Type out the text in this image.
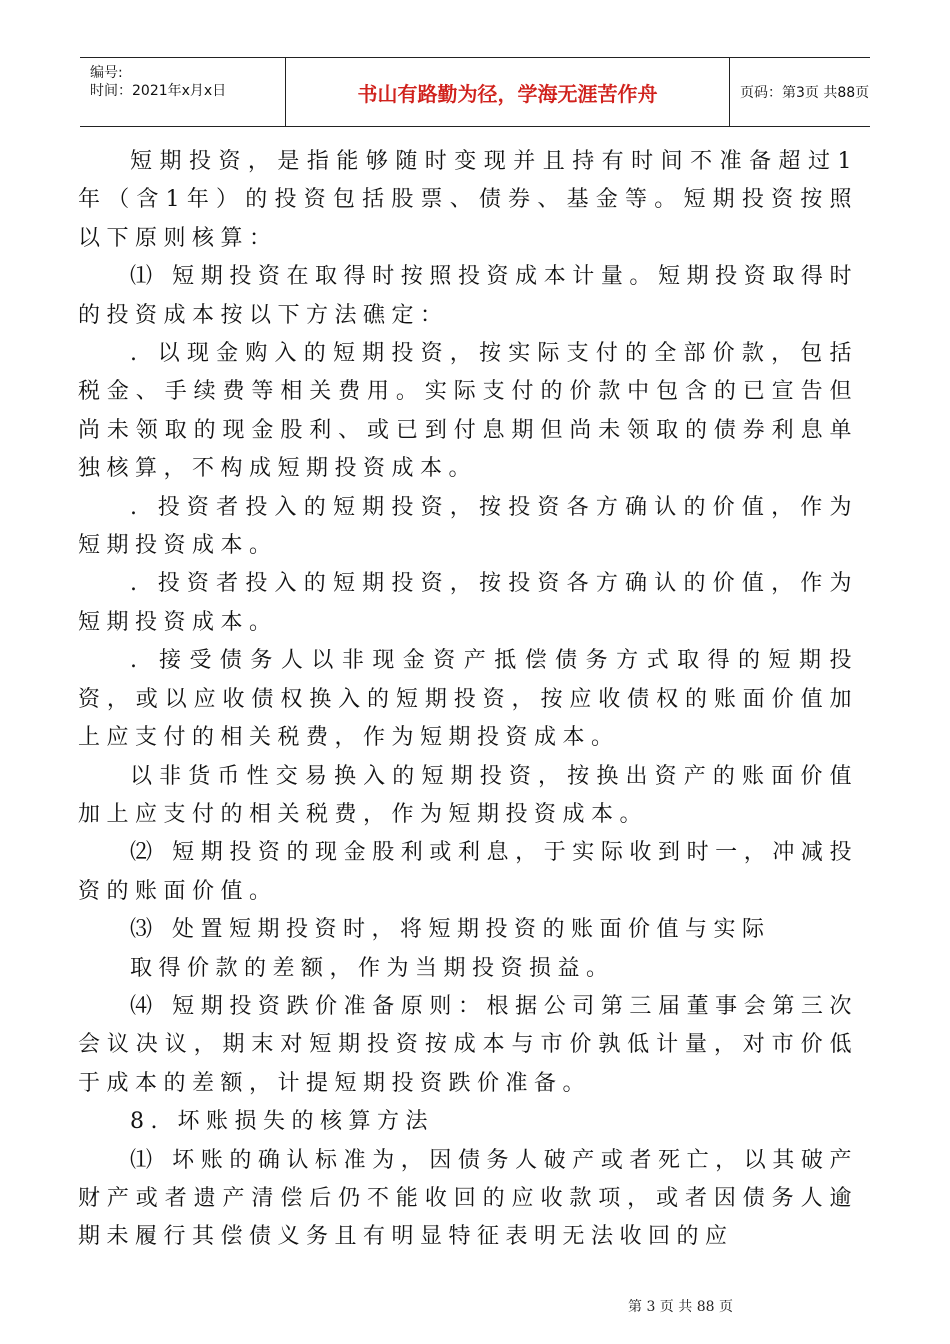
编号:
时间：2021年x月x日	书山有路勤为径，学海无涯苦作舟	页码：第3页 共88页

短期投资，是指能够随时变现并且持有时间不准备超过1年（含1年）的投资包括股票、债券、基金等。短期投资按照以下原则核算：

⑴ 短期投资在取得时按照投资成本计量。短期投资取得时的投资成本按以下方法礁定：

. 以现金购入的短期投资，按实际支付的全部价款，包括税金、手续费等相关费用。实际支付的价款中包含的已宣告但尚未领取的现金股利、或已到付息期但尚未领取的债券利息单独核算，不构成短期投资成本。

. 投资者投入的短期投资，按投资各方确认的价值，作为短期投资成本。

. 投资者投入的短期投资，按投资各方确认的价值，作为短期投资成本。

. 接受债务人以非现金资产抵偿债务方式取得的短期投资，或以应收债权换入的短期投资，按应收债权的账面价值加上应支付的相关税费，作为短期投资成本。

以非货币性交易换入的短期投资，按换出资产的账面价值加上应支付的相关税费，作为短期投资成本。

⑵ 短期投资的现金股利或利息，于实际收到时一，冲减投资的账面价值。

⑶ 处置短期投资时，将短期投资的账面价值与实际

取得价款的差额，作为当期投资损益。

⑷ 短期投资跌价准备原则：根据公司第三届董事会第三次会议决议，期末对短期投资按成本与市价孰低计量，对市价低于成本的差额，计提短期投资跌价准备。

8. 坏账损失的核算方法

⑴ 坏账的确认标准为，因债务人破产或者死亡，以其破产财产或者遗产清偿后仍不能收回的应收款项，或者因债务人逾期未履行其偿债义务且有明显特征表明无法收回的应

第 3 页 共 88 页
